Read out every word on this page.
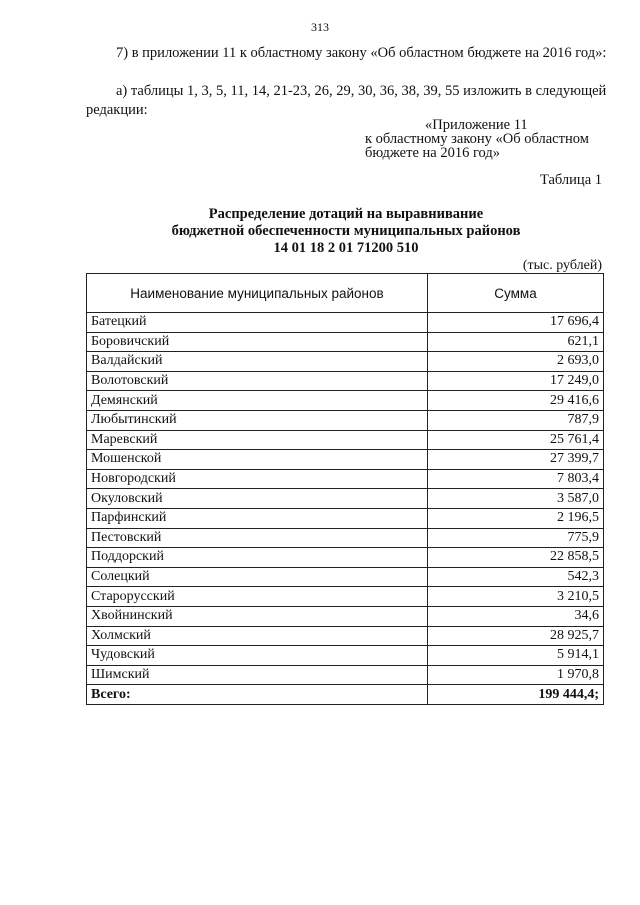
313
7) в приложении 11 к областному закону «Об областном бюджете на 2016 год»:
а) таблицы 1, 3, 5, 11, 14, 21-23, 26, 29, 30, 36, 38, 39, 55 изложить в следующей редакции:
«Приложение 11
к областному закону «Об областном
бюджете на 2016 год»
Таблица 1
Распределение дотаций на выравнивание
бюджетной обеспеченности муниципальных районов
14 01 18 2 01 71200 510
(тыс. рублей)
Наименование муниципальных районов	Сумма
Батецкий	17 696,4
Боровичский	621,1
Валдайский	2 693,0
Волотовский	17 249,0
Демянский	29 416,6
Любытинский	787,9
Маревский	25 761,4
Мошенской	27 399,7
Новгородский	7 803,4
Окуловский	3 587,0
Парфинский	2 196,5
Пестовский	775,9
Поддорский	22 858,5
Солецкий	542,3
Старорусский	3 210,5
Хвойнинский	34,6
Холмский	28 925,7
Чудовский	5 914,1
Шимский	1 970,8
Всего:	199 444,4;
